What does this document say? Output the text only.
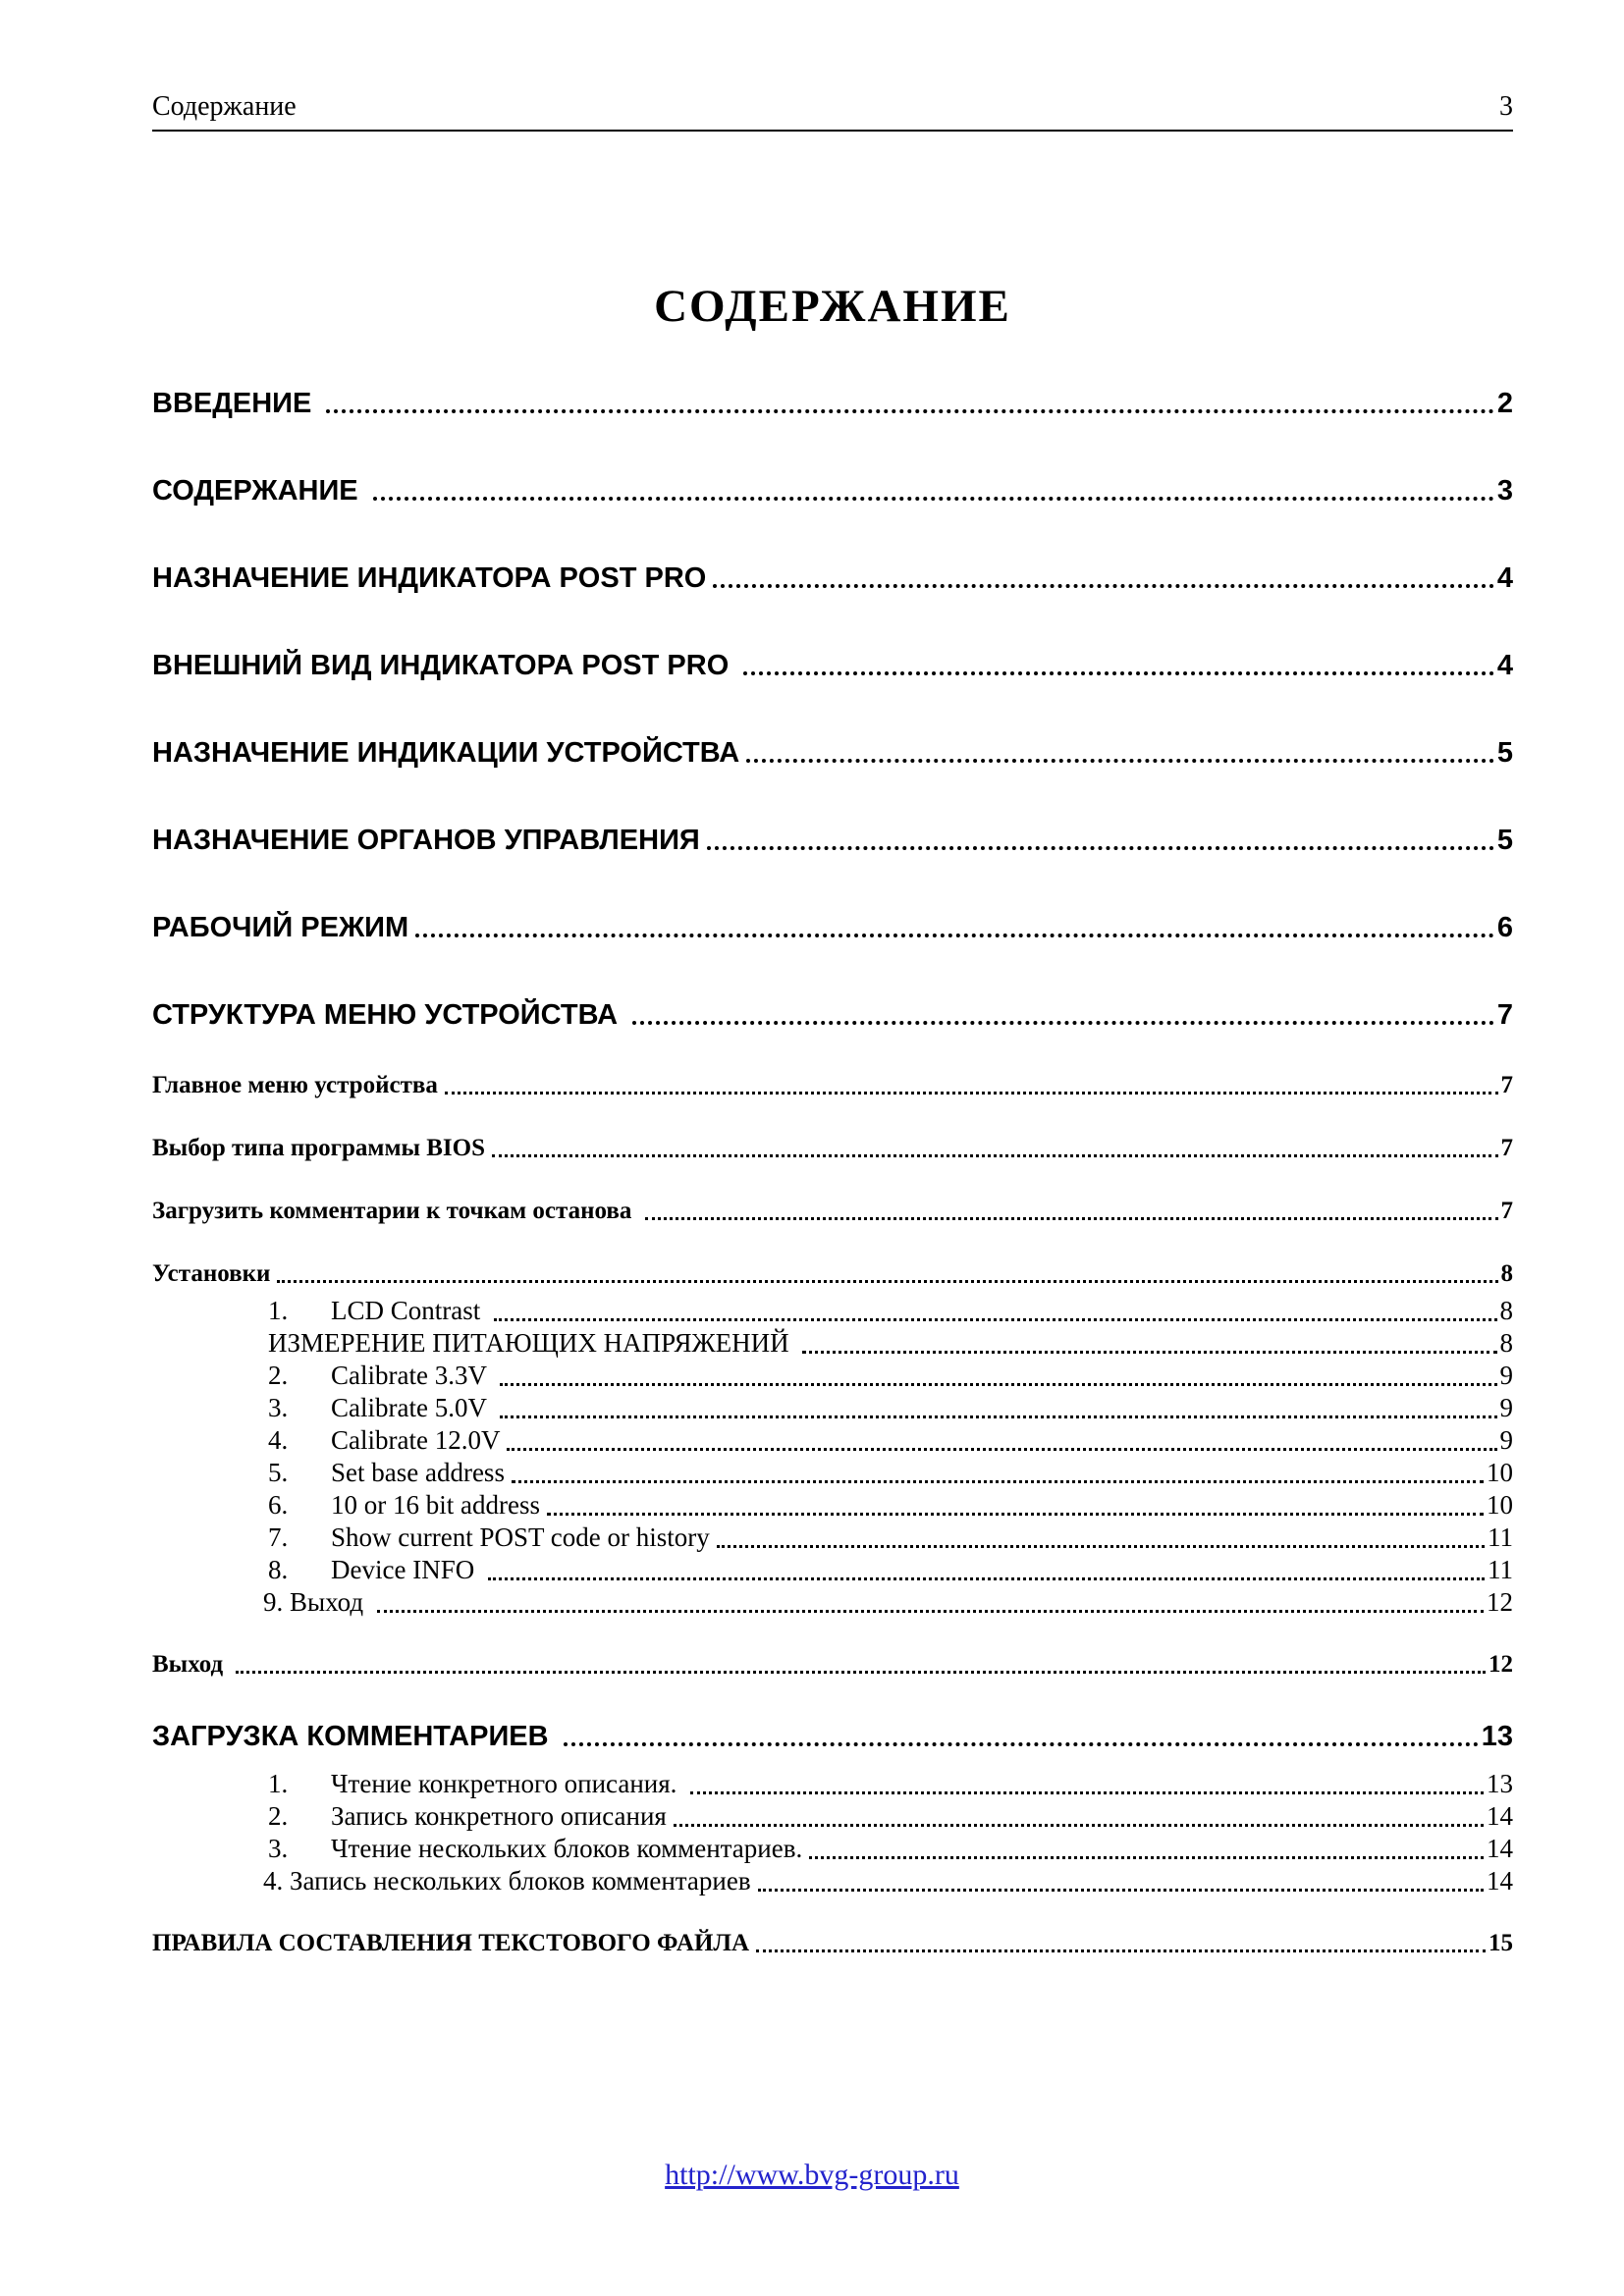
Содержание	3
СОДЕРЖАНИЕ
ВВЕДЕНИЕ	2
СОДЕРЖАНИЕ	3
НАЗНАЧЕНИЕ ИНДИКАТОРА POST PRO	4
ВНЕШНИЙ ВИД ИНДИКАТОРА POST PRO	4
НАЗНАЧЕНИЕ ИНДИКАЦИИ УСТРОЙСТВА	5
НАЗНАЧЕНИЕ ОРГАНОВ УПРАВЛЕНИЯ	5
РАБОЧИЙ РЕЖИМ	6
СТРУКТУРА МЕНЮ УСТРОЙСТВА	7
Главное меню устройства	7
Выбор типа программы BIOS	7
Загрузить комментарии к точкам останова	7
Установки	8
1.	LCD Contrast	8
ИЗМЕРЕНИЕ ПИТАЮЩИХ НАПРЯЖЕНИЙ	8
2.	Calibrate 3.3V	9
3.	Calibrate 5.0V	9
4.	Calibrate 12.0V	9
5.	Set base address	10
6.	10 or 16 bit address	10
7.	Show current POST code or history	11
8.	Device INFO	11
9. Выход	12
Выход	12
ЗАГРУЗКА КОММЕНТАРИЕВ	13
1.	Чтение конкретного описания.	13
2.	Запись конкретного описания	14
3.	Чтение нескольких блоков комментариев.	14
4. Запись нескольких блоков комментариев	14
ПРАВИЛА СОСТАВЛЕНИЯ ТЕКСТОВОГО ФАЙЛА	15
http://www.bvg-group.ru
